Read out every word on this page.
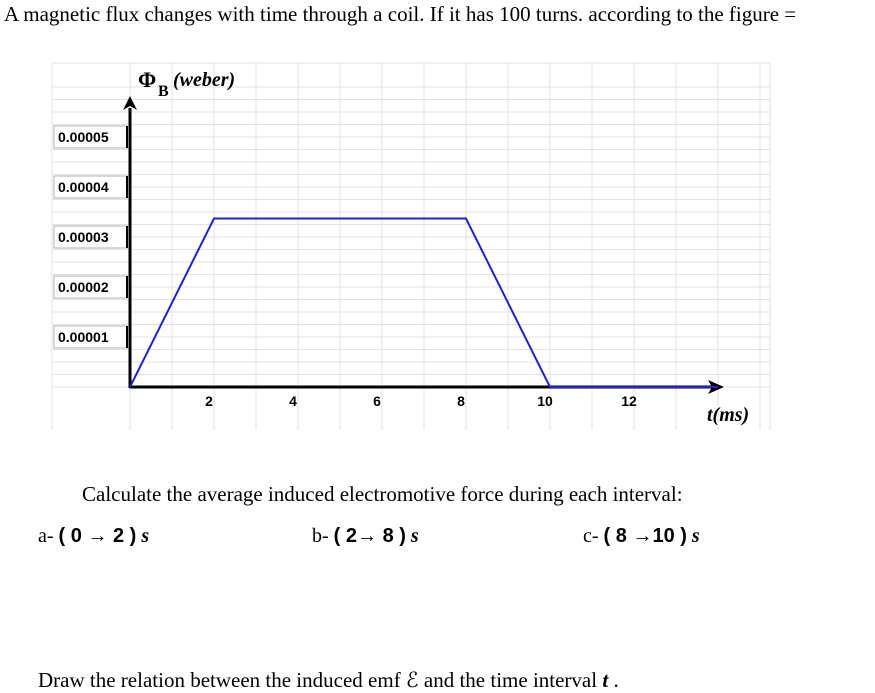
A magnetic flux changes with time through a coil. If it has 100 turns. according to the figure =
0.00005
0.00004
0.00003
0.00002
0.00001
2	4	6	8	10	12
Φ B
(weber)
t(ms)
Calculate the average induced electromotive force during each interval:
a- ( 0 → 2 ) s	b- ( 2→ 8 ) s	c- ( 8 →10 ) s
Draw the relation between the induced emf ℰ and the time interval t .
